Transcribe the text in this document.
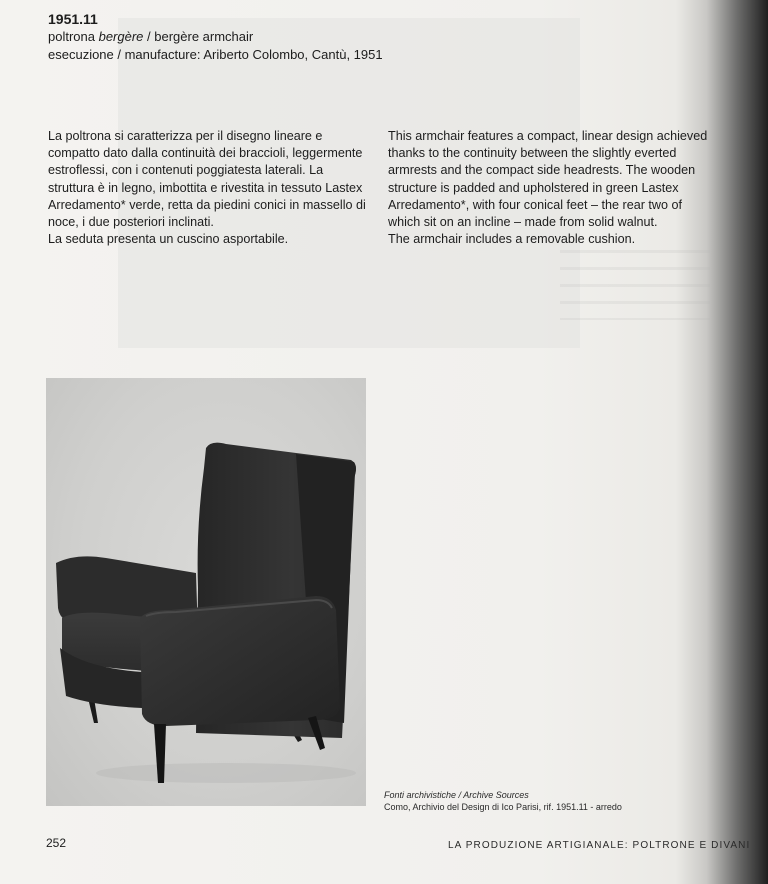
1951.11
poltrona bergère / bergère armchair
esecuzione / manufacture: Ariberto Colombo, Cantù, 1951

La poltrona si caratterizza per il disegno lineare e compatto dato dalla continuità dei braccioli, leggermente estroflessi, con i contenuti poggiatesta laterali. La struttura è in legno, imbottita e rivestita in tessuto Lastex Arredamento* verde, retta da piedini conici in massello di noce, i due posteriori inclinati.

La seduta presenta un cuscino asportabile.

This armchair features a compact, linear design achieved thanks to the continuity between the slightly everted armrests and the compact side headrests. The wooden structure is padded and upholstered in green Lastex Arredamento*, with four conical feet – the rear two of which sit on an incline – made from solid walnut.

The armchair includes a removable cushion.

Fonti archivistiche / Archive Sources
Como, Archivio del Design di Ico Parisi, rif. 1951.11 - arredo
252	LA PRODUZIONE ARTIGIANALE: POLTRONE E DIVANI
